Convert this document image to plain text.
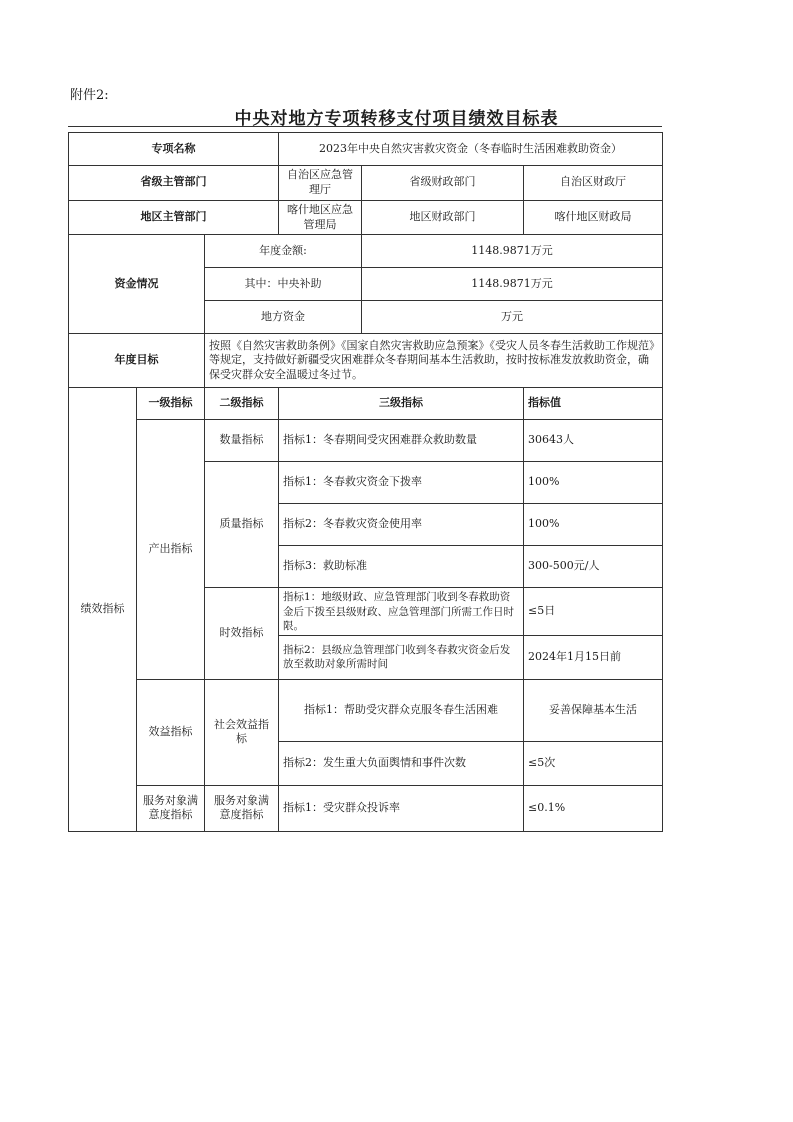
附件2:
中央对地方专项转移支付项目绩效目标表
专项名称			2023年中央自然灾害救灾资金（冬春临时生活困难救助资金）		
省级主管部门			自治区应急管理厅	省级财政部门	自治区财政厅
地区主管部门			喀什地区应急管理局	地区财政部门	喀什地区财政局
资金情况		年度金额:		1148.9871万元	
		其中：中央补助		1148.9871万元	
		地方资金		万元	
年度目标		按照《自然灾害救助条例》《国家自然灾害救助应急预案》《受灾人员冬春生活救助工作规范》等规定，支持做好新疆受灾困难群众冬春期间基本生活救助，按时按标准发放救助资金，确保受灾群众安全温暖过冬过节。			
绩效指标	一级指标	二级指标	三级指标		指标值
	产出指标	数量指标	指标1：冬春期间受灾困难群众救助数量		30643人
		质量指标	指标1：冬春救灾资金下拨率		100%
			指标2：冬春救灾资金使用率		100%
			指标3：救助标准		300-500元/人
		时效指标	指标1：地级财政、应急管理部门收到冬春救助资金后下拨至县级财政、应急管理部门所需工作日时限。		≤5日
			指标2：县级应急管理部门收到冬春救灾资金后发放至救助对象所需时间		2024年1月15日前
	效益指标	社会效益指标	指标1：帮助受灾群众克服冬春生活困难		妥善保障基本生活
			指标2：发生重大负面舆情和事件次数		≤5次
	服务对象满意度指标	服务对象满意度指标	指标1：受灾群众投诉率		≤0.1%
